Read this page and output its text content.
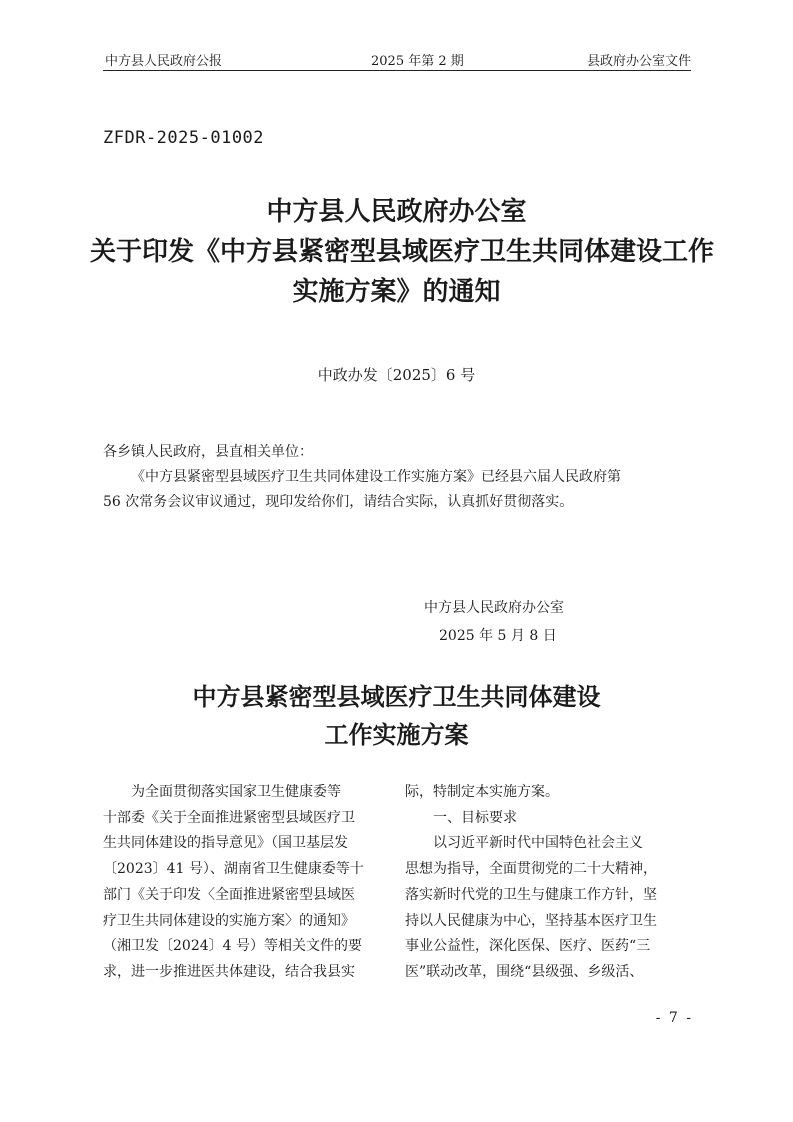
中方县人民政府公报	2025 年第 2 期	县政府办公室文件
ZFDR-2025-01002
中方县人民政府办公室
关于印发《中方县紧密型县域医疗卫生共同体建设工作
实施方案》的通知
中政办发〔2025〕6 号
各乡镇人民政府，县直相关单位：
《中方县紧密型县域医疗卫生共同体建设工作实施方案》已经县六届人民政府第
56 次常务会议审议通过，现印发给你们，请结合实际，认真抓好贯彻落实。
中方县人民政府办公室
2025 年 5 月 8 日
中方县紧密型县域医疗卫生共同体建设
工作实施方案
为全面贯彻落实国家卫生健康委等
十部委《关于全面推进紧密型县域医疗卫
生共同体建设的指导意见》（国卫基层发
〔2023〕41 号）、湖南省卫生健康委等十
部门《关于印发〈全面推进紧密型县域医
疗卫生共同体建设的实施方案〉的通知》
（湘卫发〔2024〕4 号）等相关文件的要
求，进一步推进医共体建设，结合我县实
际，特制定本实施方案。
一、目标要求
以习近平新时代中国特色社会主义
思想为指导，全面贯彻党的二十大精神，
落实新时代党的卫生与健康工作方针，坚
持以人民健康为中心，坚持基本医疗卫生
事业公益性，深化医保、医疗、医药“三
医”联动改革，围绕“县级强、乡级活、
- 7 -
